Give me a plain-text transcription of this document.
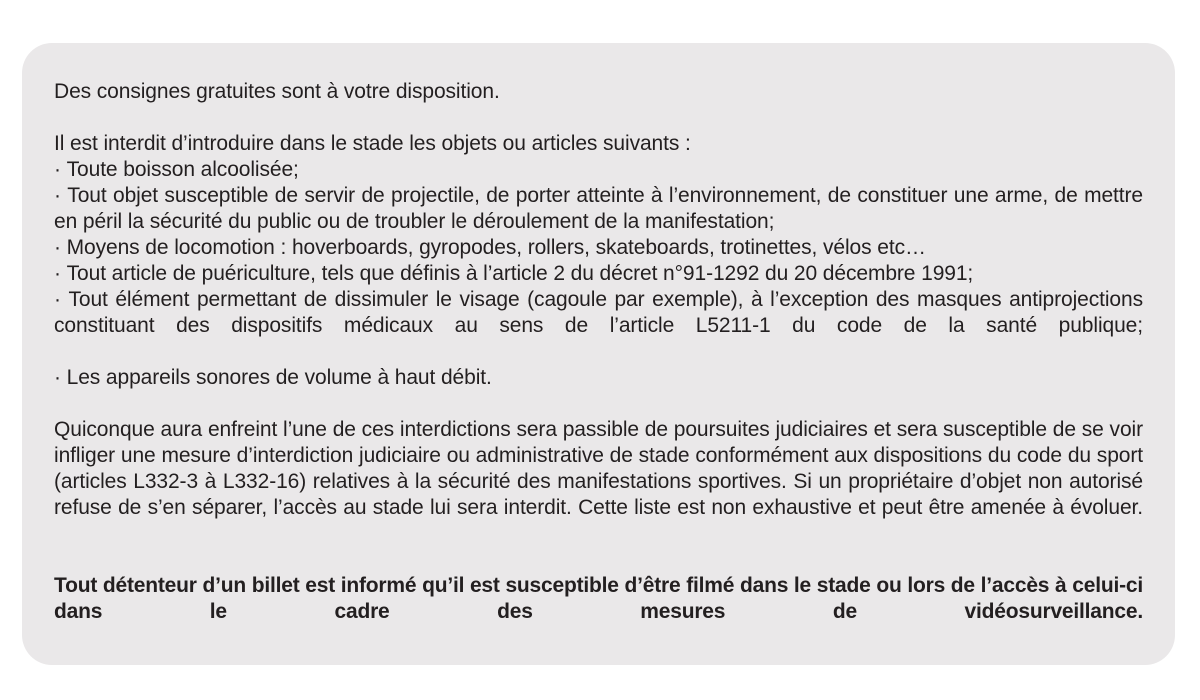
Des consignes gratuites sont à votre disposition.

Il est interdit d’introduire dans le stade les objets ou articles suivants :

· Toute boisson alcoolisée;
· Tout objet susceptible de servir de projectile, de porter atteinte à l’environnement, de constituer une arme, de mettre en péril la sécurité du public ou de troubler le déroulement de la manifestation;
· Moyens de locomotion : hoverboards, gyropodes, rollers, skateboards, trotinettes, vélos etc…
· Tout article de puériculture, tels que définis à l’article 2 du décret n°91-1292 du 20 décembre 1991;
· Tout élément permettant de dissimuler le visage (cagoule par exemple), à l’exception des masques antiprojections constituant des dispositifs médicaux au sens de l’article L5211-1 du code de la santé publique;
· Les appareils sonores de volume à haut débit.

Quiconque aura enfreint l’une de ces interdictions sera passible de poursuites judiciaires et sera susceptible de se voir infliger une mesure d’interdiction judiciaire ou administrative de stade conformément aux dispositions du code du sport (articles L332-3 à L332-16) relatives à la sécurité des manifestations sportives. Si un propriétaire d’objet non autorisé refuse de s’en séparer, l’accès au stade lui sera interdit. Cette liste est non exhaustive et peut être amenée à évoluer.

Tout détenteur d’un billet est informé qu’il est susceptible d’être filmé dans le stade ou lors de l’accès à celui-ci dans le cadre des mesures de vidéosurveillance.
